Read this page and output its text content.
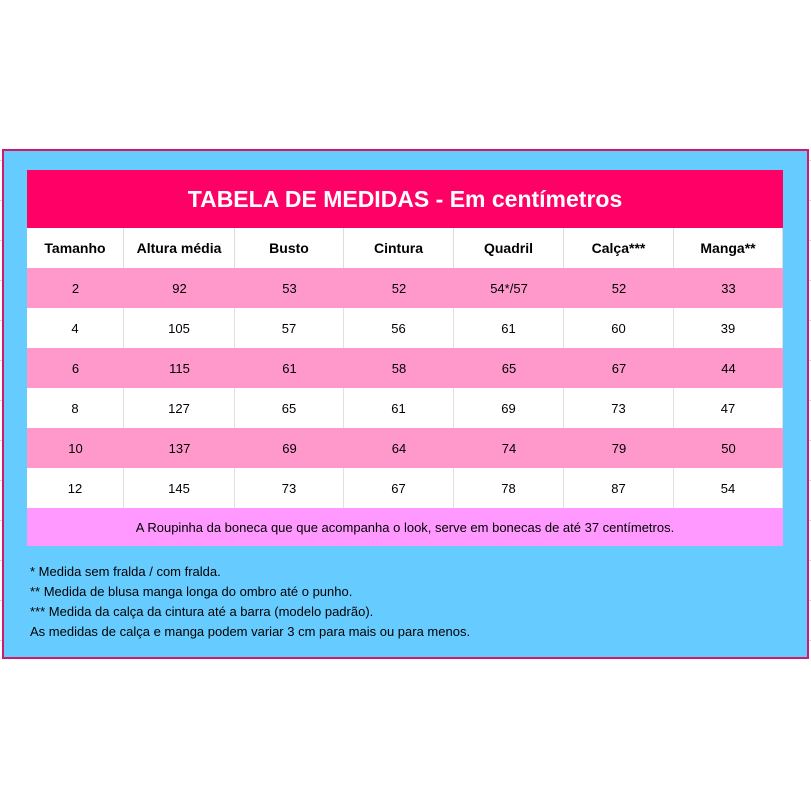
TABELA DE MEDIDAS - Em centímetros
Tamanho	Altura média	Busto	Cintura	Quadril	Calça***	Manga**
2	92	53	52	54*/57	52	33
4	105	57	56	61	60	39
6	115	61	58	65	67	44
8	127	65	61	69	73	47
10	137	69	64	74	79	50
12	145	73	67	78	87	54
A Roupinha da boneca que que acompanha o look, serve em bonecas de até 37 centímetros.
* Medida sem fralda / com fralda.
** Medida de blusa manga longa do ombro até o punho.
*** Medida da calça da cintura até a barra (modelo padrão).
As medidas de calça e manga podem variar 3 cm para mais ou para menos.
